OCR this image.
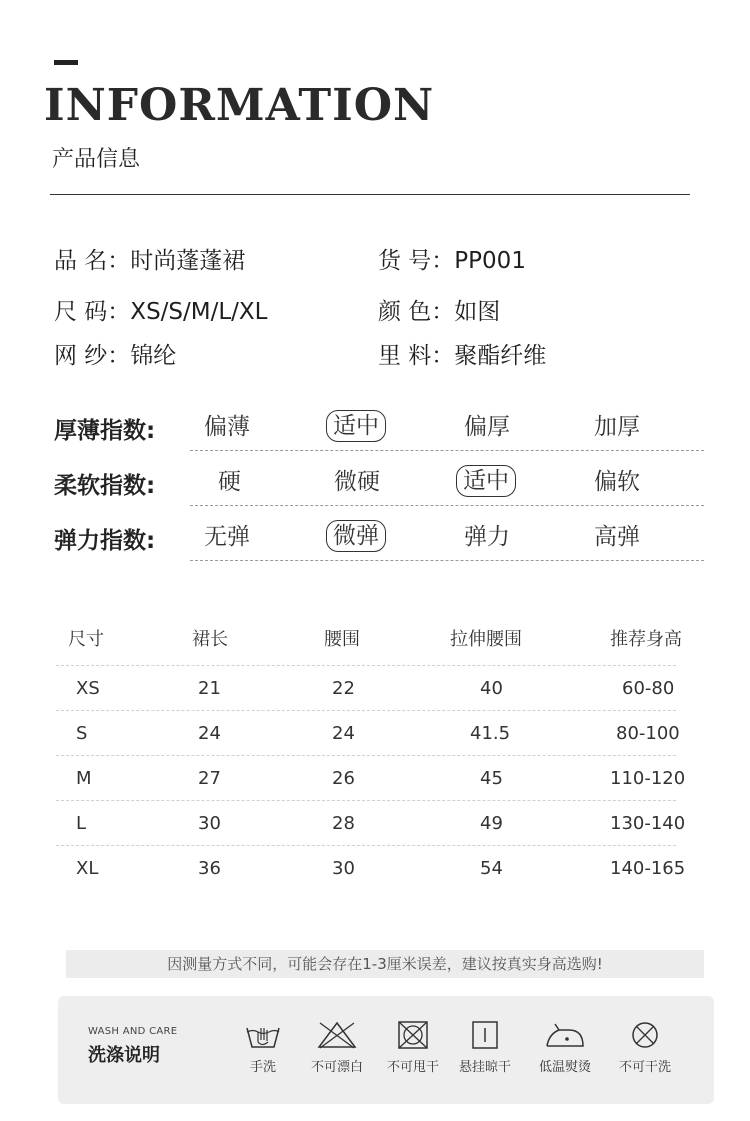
INFORMATION
产品信息
品 名：时尚蓬蓬裙	货 号：PP001
尺 码：XS/S/M/L/XL	颜 色：如图
网 纱：锦纶	里 料：聚酯纤维
厚薄指数: 偏薄	适中	偏厚	加厚
柔软指数:	硬	微硬	适中	偏软
弹力指数: 无弹	微弹	弹力	高弹
尺寸	裙长	腰围	拉伸腰围	推荐身高
XS	21	22	40	60-80
S	24	24	41.5	80-100
M	27	26	45	110-120
L	30	28	49	130-140
XL	36	30	54	140-165
因测量方式不同，可能会存在1-3厘米误差，建议按真实身高选购!
WASH AND CARE
洗涤说明
手洗	不可漂白	不可甩干	悬挂晾干	低温熨烫	不可干洗
